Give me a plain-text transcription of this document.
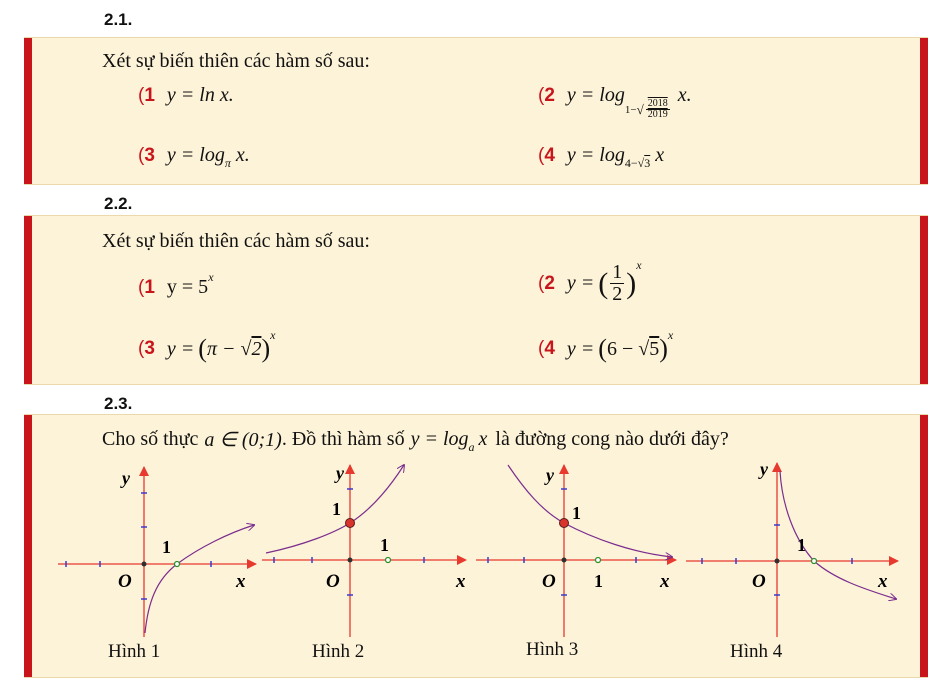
2.1.
Xét sự biến thiên các hàm số sau:
(1 y = ln x.	(2 y = log
1− √ $\frac{2018}{2019}$
x.
(3 y = log π x.	(4 y = log 4−√3 x
2.2.
Xét sự biến thiên các hàm số sau:
(1 y = 5 x	(2 y = ( $\frac{1}{2}$ )
x
(3 y = ( π − √2 ) x
(4 y = ( 6 − √5 ) x
2.3.
Cho số thực a ∈ (0;1) . Đồ thì hàm số y = log a x là đường cong nào dưới đây?
y
1
O	x
y
1
1
O	x
y
1
O 1	x
y
1
O	x
Hình 1	Hình 2	Hình 3	Hình 4
